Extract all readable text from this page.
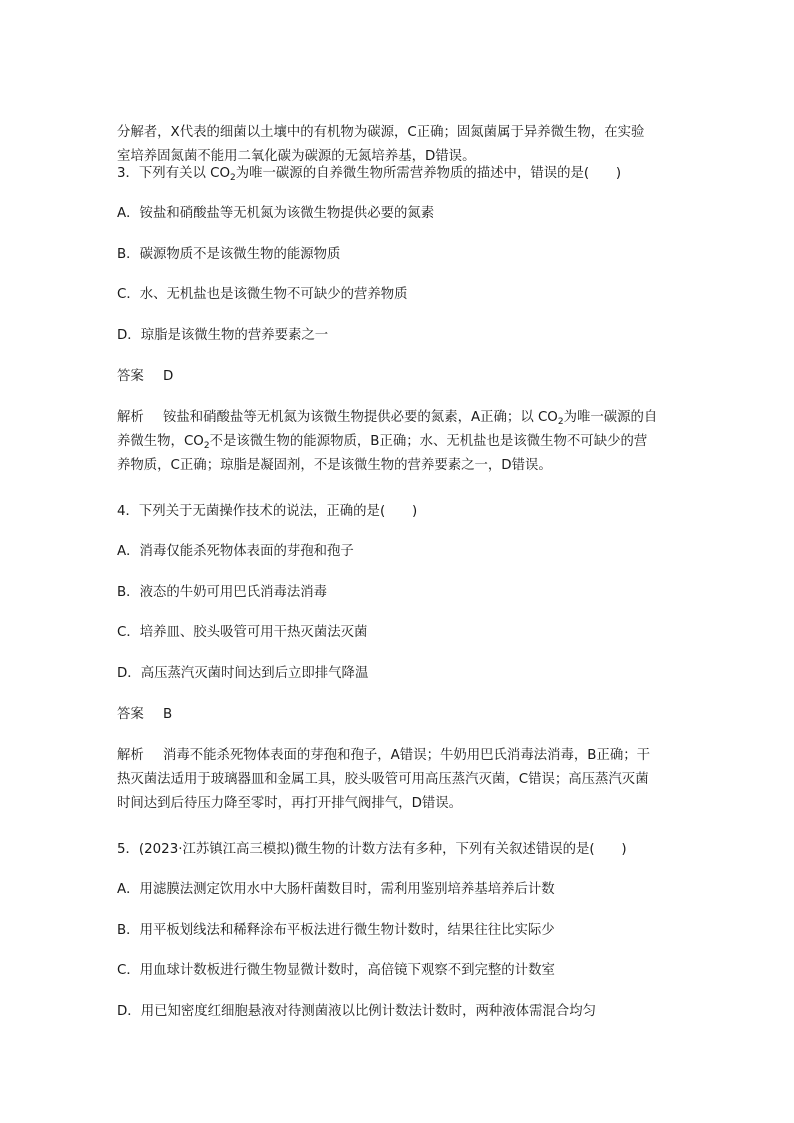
分解者，X代表的细菌以土壤中的有机物为碳源，C正确；固氮菌属于异养微生物，在实验
室培养固氮菌不能用二氧化碳为碳源的无氮培养基，D错误。
3．下列有关以 $CO_2$为唯一碳源的自养微生物所需营养物质的描述中，错误的是(　　)
A．铵盐和硝酸盐等无机氮为该微生物提供必要的氮素
B．碳源物质不是该微生物的能源物质
C．水、无机盐也是该微生物不可缺少的营养物质
D．琼脂是该微生物的营养要素之一
答案 D
解析 铵盐和硝酸盐等无机氮为该微生物提供必要的氮素，A正确；以 $CO_2$为唯一碳源的自
养微生物，$CO_2$不是该微生物的能源物质，B正确；水、无机盐也是该微生物不可缺少的营
养物质，C正确；琼脂是凝固剂，不是该微生物的营养要素之一，D错误。
4．下列关于无菌操作技术的说法，正确的是(　　)
A．消毒仅能杀死物体表面的芽孢和孢子
B．液态的牛奶可用巴氏消毒法消毒
C．培养皿、胶头吸管可用干热灭菌法灭菌
D．高压蒸汽灭菌时间达到后立即排气降温
答案 B
解析 消毒不能杀死物体表面的芽孢和孢子，A错误；牛奶用巴氏消毒法消毒，B正确；干
热灭菌法适用于玻璃器皿和金属工具，胶头吸管可用高压蒸汽灭菌，C错误；高压蒸汽灭菌
时间达到后待压力降至零时，再打开排气阀排气，D错误。
5．(2023·江苏镇江高三模拟)微生物的计数方法有多种，下列有关叙述错误的是(　　)
A．用滤膜法测定饮用水中大肠杆菌数目时，需利用鉴别培养基培养后计数
B．用平板划线法和稀释涂布平板法进行微生物计数时，结果往往比实际少
C．用血球计数板进行微生物显微计数时，高倍镜下观察不到完整的计数室
D．用已知密度红细胞悬液对待测菌液以比例计数法计数时，两种液体需混合均匀
